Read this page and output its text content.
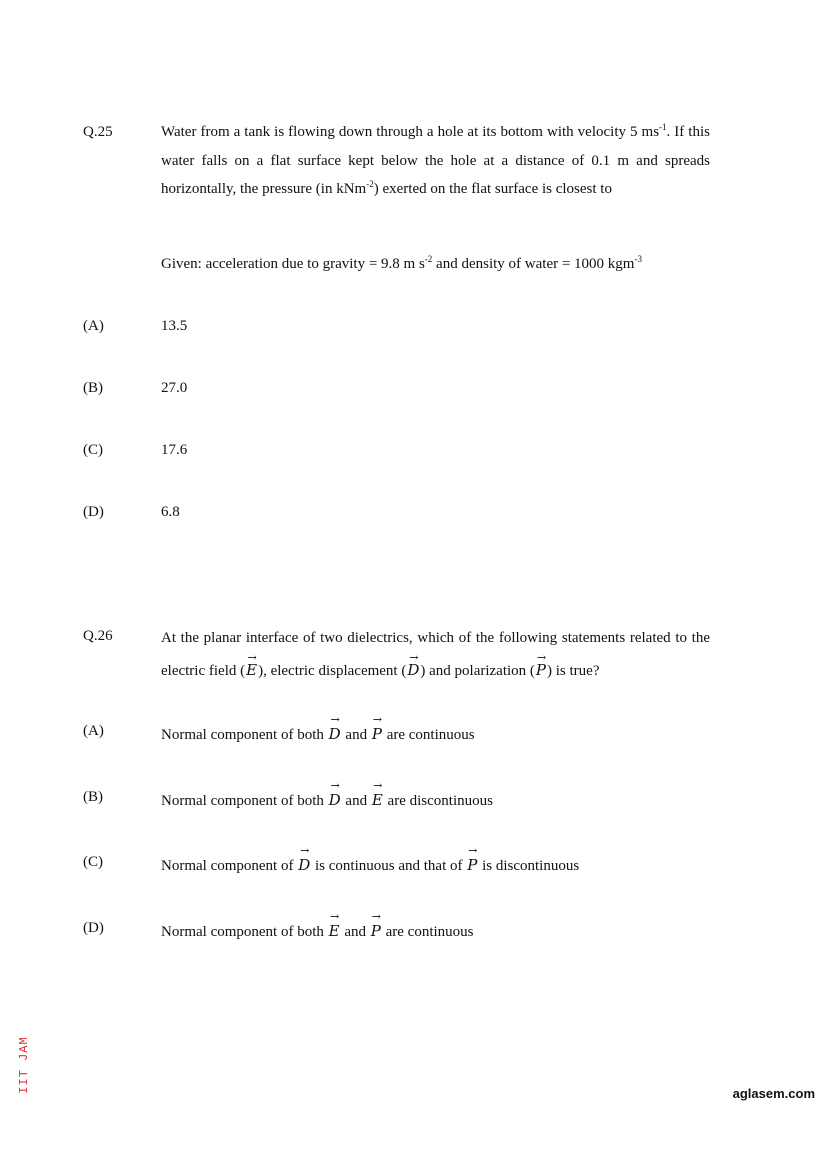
Q.25	Water from a tank is flowing down through a hole at its bottom with velocity 5 $ms^{-1}$. If this water falls on a flat surface kept below the hole at a distance of 0.1 m and spreads horizontally, the pressure (in kNm$^{-2}$) exerted on the flat surface is closest to
Given: acceleration due to gravity = 9.8 m $s^{-2}$ and density of water = 1000 kgm$^{-3}$
(A)	13.5
(B)	27.0
(C)	17.6
(D)	6.8
Q.26	At the planar interface of two dielectrics, which of the following statements related to the electric field (→ E), electric displacement (→ D) and polarization (→ P) is true?
(A)	Normal component of both → D and → P are continuous
(B)	Normal component of both → D and → E are discontinuous
(C)	Normal component of → D is continuous and that of → P is discontinuous
(D)	Normal component of both → E and → P are continuous
IIT JAM	aglasem.com
